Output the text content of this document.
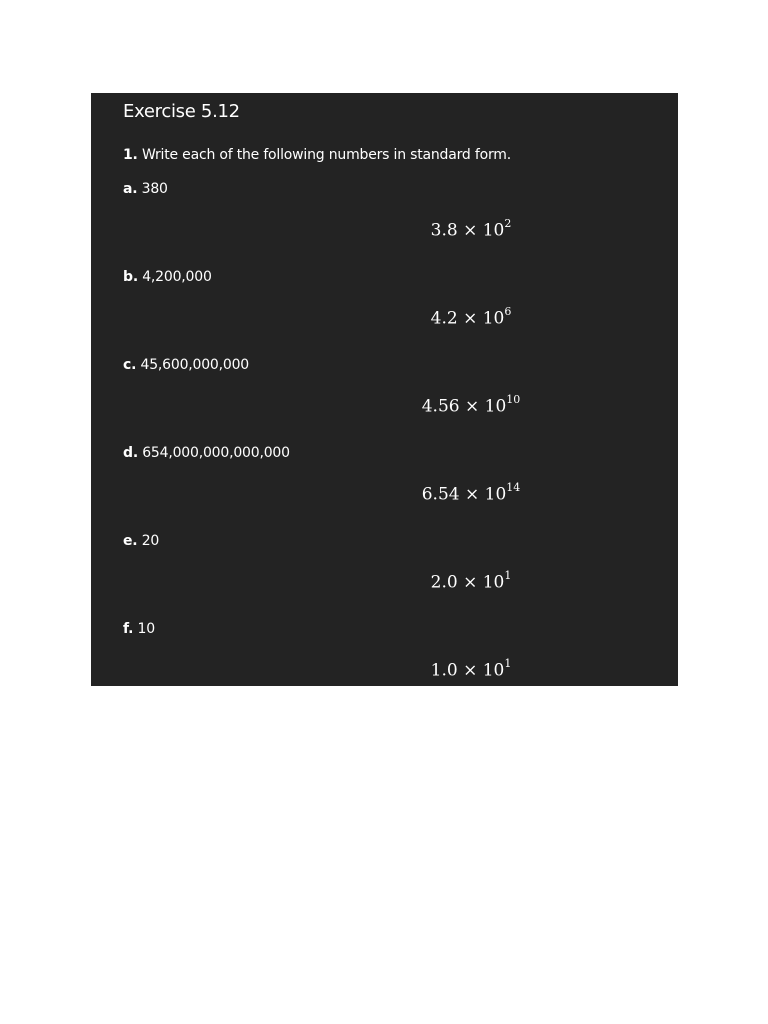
Exercise 5.12
1. Write each of the following numbers in standard form.
a. 380
$3.8 \times 10^2$
b. 4,200,000
$4.2 \times 10^6$
c. 45,600,000,000
$4.56 \times 10^{10}$
d. 654,000,000,000,000
$6.54 \times 10^{14}$
e. 20
$2.0 \times 10^1$
f. 10
$1.0 \times 10^1$
